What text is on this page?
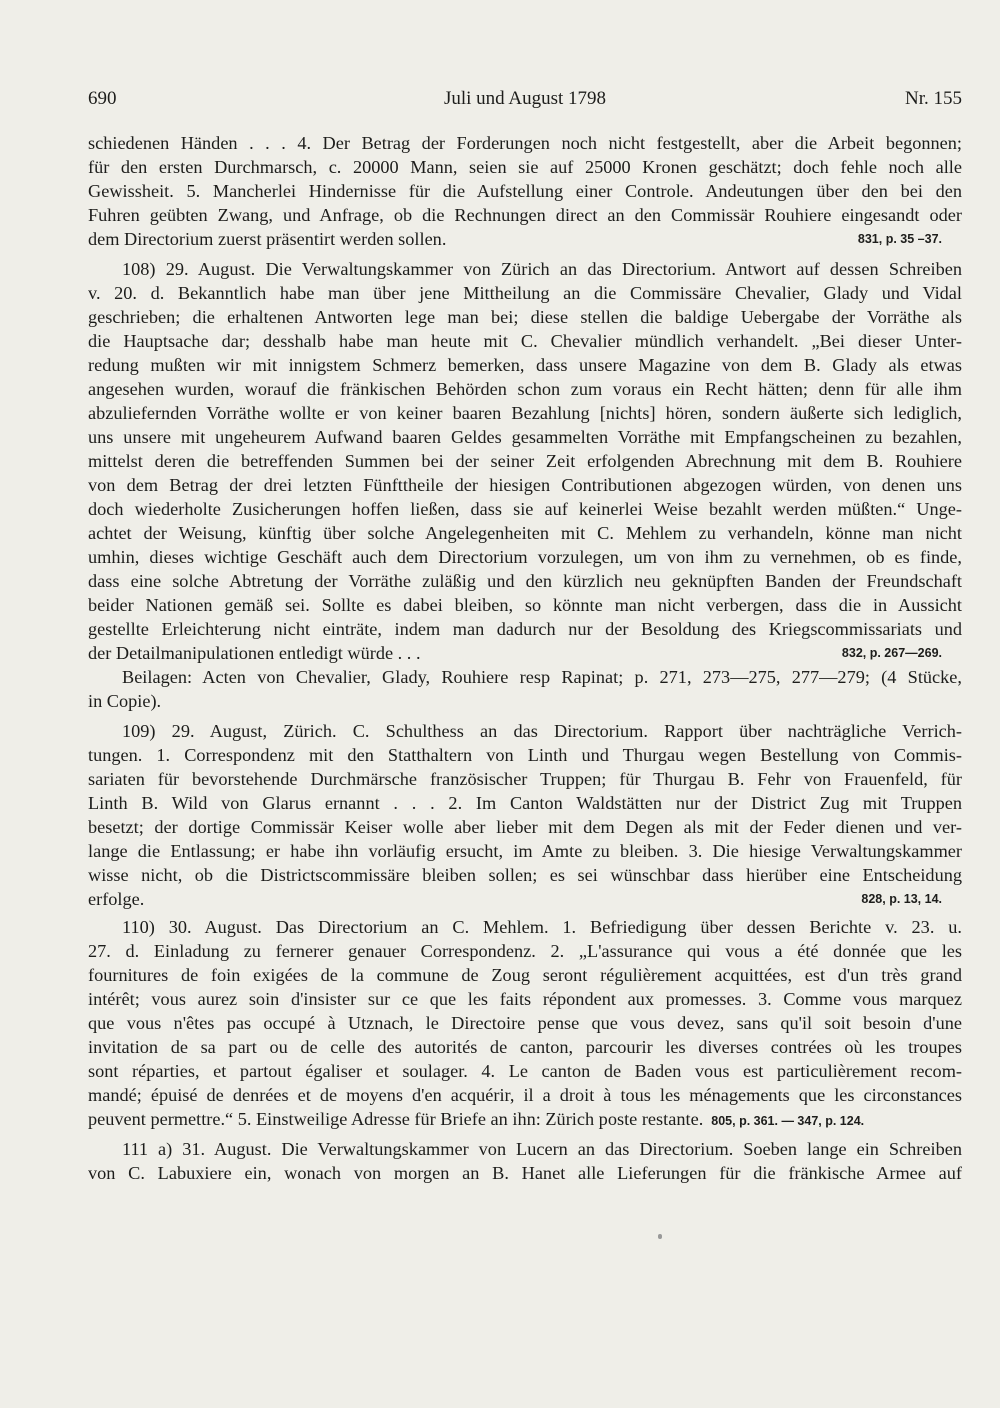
690	Juli und August 1798	Nr. 155
schiedenen Händen . . . 4. Der Betrag der Forderungen noch nicht festgestellt, aber die Arbeit begonnen;
für den ersten Durchmarsch, c. 20000 Mann, seien sie auf 25000 Kronen geschätzt; doch fehle noch alle
Gewissheit. 5. Mancherlei Hindernisse für die Aufstellung einer Controle. Andeutungen über den bei den
Fuhren geübten Zwang, und Anfrage, ob die Rechnungen direct an den Commissär Rouhiere eingesandt oder
dem Directorium zuerst präsentirt werden sollen.	831, p. 35 –37.
108) 29. August. Die Verwaltungskammer von Zürich an das Directorium. Antwort auf dessen Schreiben
v. 20. d. Bekanntlich habe man über jene Mittheilung an die Commissäre Chevalier, Glady und Vidal
geschrieben; die erhaltenen Antworten lege man bei; diese stellen die baldige Uebergabe der Vorräthe als
die Hauptsache dar; desshalb habe man heute mit C. Chevalier mündlich verhandelt. „Bei dieser Unter-
redung mußten wir mit innigstem Schmerz bemerken, dass unsere Magazine von dem B. Glady als etwas
angesehen wurden, worauf die fränkischen Behörden schon zum voraus ein Recht hätten; denn für alle ihm
abzuliefernden Vorräthe wollte er von keiner baaren Bezahlung [nichts] hören, sondern äußerte sich lediglich,
uns unsere mit ungeheurem Aufwand baaren Geldes gesammelten Vorräthe mit Empfangscheinen zu bezahlen,
mittelst deren die betreffenden Summen bei der seiner Zeit erfolgenden Abrechnung mit dem B. Rouhiere
von dem Betrag der drei letzten Fünfttheile der hiesigen Contributionen abgezogen würden, von denen uns
doch wiederholte Zusicherungen hoffen ließen, dass sie auf keinerlei Weise bezahlt werden müßten.“ Unge-
achtet der Weisung, künftig über solche Angelegenheiten mit C. Mehlem zu verhandeln, könne man nicht
umhin, dieses wichtige Geschäft auch dem Directorium vorzulegen, um von ihm zu vernehmen, ob es finde,
dass eine solche Abtretung der Vorräthe zuläßig und den kürzlich neu geknüpften Banden der Freundschaft
beider Nationen gemäß sei. Sollte es dabei bleiben, so könnte man nicht verbergen, dass die in Aussicht
gestellte Erleichterung nicht einträte, indem man dadurch nur der Besoldung des Kriegscommissariats und
der Detailmanipulationen entledigt würde . . .	832, p. 267—269.
Beilagen: Acten von Chevalier, Glady, Rouhiere resp Rapinat; p. 271, 273—275, 277—279; (4 Stücke,
in Copie).
109) 29. August, Zürich. C. Schulthess an das Directorium. Rapport über nachträgliche Verrich-
tungen. 1. Correspondenz mit den Statthaltern von Linth und Thurgau wegen Bestellung von Commis-
sariaten für bevorstehende Durchmärsche französischer Truppen; für Thurgau B. Fehr von Frauenfeld, für
Linth B. Wild von Glarus ernannt . . . 2. Im Canton Waldstätten nur der District Zug mit Truppen
besetzt; der dortige Commissär Keiser wolle aber lieber mit dem Degen als mit der Feder dienen und ver-
lange die Entlassung; er habe ihn vorläufig ersucht, im Amte zu bleiben. 3. Die hiesige Verwaltungskammer
wisse nicht, ob die Districtscommissäre bleiben sollen; es sei wünschbar dass hierüber eine Entscheidung
erfolge.	828, p. 13, 14.
110) 30. August. Das Directorium an C. Mehlem. 1. Befriedigung über dessen Berichte v. 23. u.
27. d. Einladung zu fernerer genauer Correspondenz. 2. „L'assurance qui vous a été donnée que les
fournitures de foin exigées de la commune de Zoug seront régulièrement acquittées, est d'un très grand
intérêt; vous aurez soin d'insister sur ce que les faits répondent aux promesses. 3. Comme vous marquez
que vous n'êtes pas occupé à Utznach, le Directoire pense que vous devez, sans qu'il soit besoin d'une
invitation de sa part ou de celle des autorités de canton, parcourir les diverses contrées où les troupes
sont réparties, et partout égaliser et soulager. 4. Le canton de Baden vous est particulièrement recom-
mandé; épuisé de denrées et de moyens d'en acquérir, il a droit à tous les ménagements que les circonstances
peuvent permettre.“ 5. Einstweilige Adresse für Briefe an ihn: Zürich poste restante. 805, p. 361. — 347, p. 124.
111 a) 31. August. Die Verwaltungskammer von Lucern an das Directorium. Soeben lange ein Schreiben
von C. Labuxiere ein, wonach von morgen an B. Hanet alle Lieferungen für die fränkische Armee auf
